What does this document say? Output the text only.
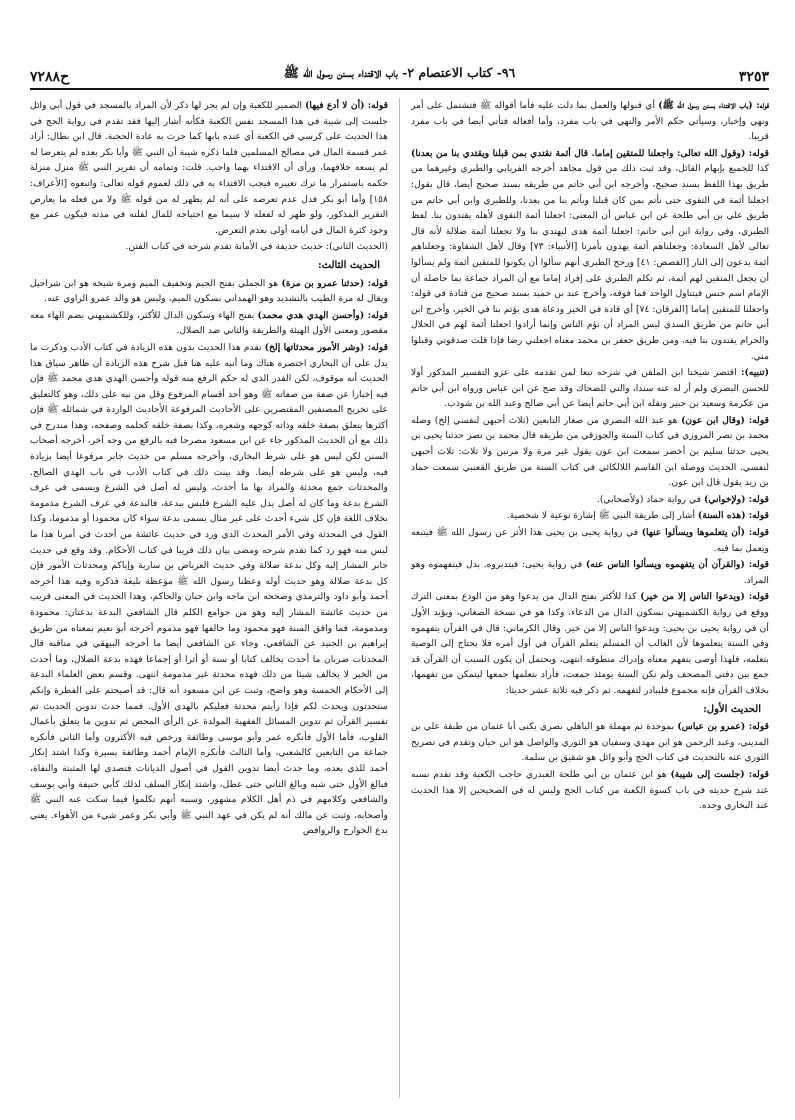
ح٧٢٨٨	٩٦- كتاب الاعتصام ٢- باب الاقتداء بسنن رسول الله ﷺ	٣٢٥٣

قوله: (باب الاقتداء بسنن رسول الله ﷺ) أي قبولها والعمل بما دلت عليه فأما أقواله ﷺ فتشتمل على أمر ونهي وإخبار، وسيأتي حكم الأمر والنهي في باب مفرد، وأما أفعاله فتأتي أيضا في باب مفرد قريبا.

قوله: (وقول الله تعالى: واجعلنا للمتقين إماما. قال أئمة نقتدي بمن قبلنا ويقتدي بنا من بعدنا) كذا للجميع بإبهام القائل، وقد ثبت ذلك من قول مجاهد أخرجه الفريابي والطبري وغيرهما من طريق بهذا اللفظ بسند صحيح، وأخرجه ابن أبي حاتم من طريقه بسند صحيح أيضا، قال يقول: اجعلنا أئمة في التقوى حتى نأتم بمن كان قبلنا ويأتم بنا من بعدنا، وللطبري وابن أبي حاتم من طريق علي بن أبي طلحة عن ابن عباس أن المعنى: اجعلنا أئمة التقوى لأهله يقتدون بنا. لفظ الطبري، وفي رواية ابن أبي حاتم: اجعلنا أئمة هدى ليهتدي بنا ولا تجعلنا أئمة ضلالة لأنه قال تعالى لأهل السعادة: وجعلناهم أئمة يهدون بأمرنا [الأنبياء: ٧٣] وقال لأهل الشقاوة: وجعلناهم أئمة يدعون إلى النار [القصص: ٤١] ورجح الطبري أنهم سألوا أن يكونوا للمتقين أئمة ولم يسألوا أن يجعل المتقين لهم أئمة، ثم تكلم الطبري على إفراد إماما مع أن المراد جماعة بما حاصله أن الإمام اسم جنس فيتناول الواحد فما فوقه، وأخرج عبد بن حميد بسند صحيح من قتادة في قوله: واجعلنا للمتقين إماما [الفرقان: ٧٤] أي قادة في الخير ودعاة هدى يؤتم بنا في الخير، وأخرج ابن أبي حاتم من طريق السدي ليس المراد أن نؤم الناس وإنما أرادوا اجعلنا أئمة لهم في الحلال والحرام يقتدون بنا فيه، ومن طريق جعفر بن محمد معناه اجعلني رضا فإذا قلت صدقوني وقبلوا مني.

(تنبيه): اقتصر شيخنا ابن الملقن في شرحه تبعا لمن تقدمه على عزو التفسير المذكور أولا للحسن البصري ولم أر له عنه سندا، والتي للضحاك وقد صح عن ابن عباس ورواه ابن أبي حاتم من عكرمة وسعيد بن جبير ونقله ابن أبي حاتم أيضا عن أبي صالح وعبد الله بن شوذب.

قوله: (وقال ابن عون) هو عبد الله البصري من صغار التابعين (ثلاث أحبهن لنفسي إلخ) وصله محمد بن نصر المروزي في كتاب السنة والجوزقي من طريقه قال محمد بن نصر حدثنا يحيى بن يحيى حدثنا سليم بن أخضر سمعت ابن عون يقول غير مرة ولا مرتين ولا ثلاث: ثلاث أحبهن لنفسي. الحديث ووصله ابن القاسم اللالكائي في كتاب السنة من طريق القعنبي سمعت حماد بن زيد يقول قال ابن عون.

قوله: (ولإخواني) في رواية حماد (ولأصحابي).

قوله: (هذه السنة) أشار إلى طريقة النبي ﷺ إشارة نوعية لا شخصية.

قوله: (أن يتعلموها ويسألوا عنها) في رواية يحيى بن يحيى هذا الأثر عن رسول الله ﷺ فيتبعه ويعمل بما فيه.

قوله: (والقرآن أن يتفهموه ويسألوا الناس عنه) في رواية يحيى: فيتدبروه. بدل فيتفهموه وهو المراد.

قوله: (ويدعوا الناس إلا من خير) كذا للأكثر بفتح الدال من يدعوا وهو من الودع بمعنى الترك ووقع في رواية الكشميهني بسكون الدال من الدعاء، وكذا هو في نسخة الصغاني، ويؤيد الأول أن في رواية يحيى بن يحيى: ويدعوا الناس إلا من خير. وقال الكرماني: قال في القرآن يتفهموه وفي السنة يتعلموها لأن الغالب أن المسلم يتعلم القرآن في أول أمره فلا يحتاج إلى الوصية بتعلمه، فلهذا أوصى بتفهم معناه وإدراك منطوقه انتهى، ويحتمل أن يكون السبب أن القرآن قد جمع بين دفتي المصحف ولم تكن السنة يومئذ جمعت، فأراد بتعلمها جمعها ليتمكن من تفهمها، بخلاف القرآن فإنه مجموع فليبادر لتفهمه. ثم ذكر فيه ثلاثة عشر حديثا:

الحديث الأول:

قوله: (عمرو بن عباس) بموحدة ثم مهملة هو الباهلي بصري يكنى أبا عثمان من طبقة علي بن المديني، وعبد الرحمن هو ابن مهدي وسفيان هو الثوري والواصل هو ابن حيان وتقدم في تصريح الثوري عنه بالتحديث في كتاب الحج وأبو وائل هو شقيق بن سلمة.

قوله: (جلست إلى شيبة) هو ابن عثمان بن أبي طلحة العبدري حاجب الكعبة وقد تقدم نسبه عند شرح حديثه في باب كسوة الكعبة من كتاب الحج وليس له في الصحيحين إلا هذا الحديث عند البخاري وحده.

قوله: (أن لا أدع فيها) الضمير للكعبة وإن لم يجر لها ذكر لأن المراد بالمسجد في قول أبي وائل جلست إلى شيبة في هذا المسجد نفس الكعبة فكأنه أشار إليها فقد تقدم في رواية الحج في هذا الحديث على كرسي في الكعبة أي عنده بابها كما جرت به عادة الحجبة. قال ابن بطال: أراد عمر قسمة المال في مصالح المسلمين فلما ذكره شيبة أن النبي ﷺ وأبا بكر بعده لم يتعرضا له لم يسعه خلافهما، ورأى أن الاقتداء بهما واجب. قلت: وتمامه أن تقرير النبي ﷺ منزل منزلة حكمه باستمرار ما ترك تغييره فيجب الاقتداء به في ذلك لعموم قوله تعالى: واتبعوه [الأعراف: ١٥٨] وأما أبو بكر فدل عدم تعرضه على أنه لم يظهر له من قوله ﷺ ولا من فعله ما يعارض التقرير المذكور، ولو ظهر له لفعله لا سيما مع احتياجه للمال لقلته في مدته فيكون عمر مع وجود كثرة المال في أيامه أولى بعدم التعرض.

(الحديث الثاني): حديث حذيفة في الأمانة تقدم شرحه في كتاب الفتن.

الحديث الثالث:

قوله: (حدثنا عمرو بن مرة) هو الجملي بفتح الجيم وتخفيف الميم ومرة شيخه هو ابن شراحيل ويقال له مرة الطيب بالتشديد وهو الهمداني بسكون الميم، وليس هو والد عمرو الراوي عنه.

قوله: (وأحسن الهدي هدي محمد) بفتح الهاء وسكون الدال للأكثر، وللكشميهني بضم الهاء معه مقصور ومعنى الأول الهيئة والطريقة والثاني ضد الضلال.

قوله: (وشر الأمور محدثاتها إلخ) تقدم هذا الحديث بدون هذه الزيادة في كتاب الأدب وذكرت ما يدل على أن البخاري اختصره هناك وما أنبه عليه هنا قبل شرح هذه الزيادة أن ظاهر سياق هذا الحديث أنه موقوف، لكن القدر الذي له حكم الرفع منه قوله وأحسن الهدي هدي محمد ﷺ فإن فيه إخبارا عن صفة من صفاته ﷺ وهو أحد أقسام المرفوع وقل من نبه على ذلك، وهو كالتعليق على تخريج المصنفين المقتصرين على الأحاديث المرفوعة الأحاديث الواردة في شمائله ﷺ فإن أكثرها يتعلق بصفة خلقه وذاته كوجهه وشعره، وكذا بصفة خلقه كحلمه وصفحه، وهذا مندرج في ذلك مع أن الحديث المذكور جاء عن ابن مسعود مصرحا فيه بالرفع من وجه آخر، أخرجه أصحاب السنن لكن ليس هو على شرط البخاري، وأخرجه مسلم من حديث جابر مرفوعا أيضا بزيادة فيه، وليس هو على شرطه أيضا. وقد بينت ذلك في كتاب الأدب في باب الهدي الصالح. والمحدثات جمع محدثة والمراد بها ما أحدث، وليس له أصل في الشرع ويسمى في عرف الشرع بدعة وما كان له أصل يدل عليه الشرع فليس ببدعة، فالبدعة في عرف الشرع مذمومة بخلاف اللغة فإن كل شيء أحدث على غير مثال يسمى بدعة سواء كان محمودا أو مذموما، وكذا القول في المحدثة وفي الأمر المحدث الذي ورد في حديث عائشة من أحدث في أمرنا هذا ما ليس منه فهو رد كما تقدم شرحه ومضى بيان ذلك قريبا في كتاب الأحكام. وقد وقع في حديث جابر المشار إليه وكل بدعة ضلالة وفي حديث العرباض بن سارية وإياكم ومحدثات الأمور فإن كل بدعة ضلالة وهو حديث أوله وعظنا رسول الله ﷺ موعظة بليغة فذكره وفيه هذا أخرجه أحمد وأبو داود والترمذي وصححه ابن ماجه وابن حبان والحاكم، وهذا الحديث في المعنى قريب من حديث عائشة المشار إليه وهو من جوامع الكلم قال الشافعي البدعة بدعتان: محمودة ومذمومة، فما وافق السنة فهو محمود وما خالفها فهو مذموم أخرجه أبو نعيم بمعناه من طريق إبراهيم بن الجنيد عن الشافعي، وجاء عن الشافعي أيضا ما أخرجه البيهقي في مناقبه قال المحدثات ضربان ما أحدث يخالف كتابا أو سنة أو أثرا أو إجماعا فهذه بدعة الضلال، وما أحدث من الخير لا يخالف شيئا من ذلك فهذه محدثة غير مذمومة انتهى. وقسم بعض العلماء البدعة إلى الأحكام الخمسة وهو واضح، وثبت عن ابن مسعود أنه قال: قد أصبحتم على الفطرة وإنكم ستحدثون ويحدث لكم فإذا رأيتم محدثة فعليكم بالهدي الأول. فمما حدث تدوين الحديث ثم تفسير القرآن ثم تدوين المسائل الفقهية المولدة عن الرأي المحض ثم تدوين ما يتعلق بأعمال القلوب، فأما الأول فأنكره عمر وأبو موسى وطائفة ورخص فيه الأكثرون وأما الثاني فأنكره جماعة من التابعين كالشعبي، وأما الثالث فأنكره الإمام أحمد وطائفة يسيرة وكذا اشتد إنكار أحمد للذي بعده، وما حدث أيضا تدوين القول في أصول الديانات فتصدى لها المثبتة والنفاة، فبالغ الأول حتى شبه وبالغ الثاني حتى عطل، واشتد إنكار السلف لذلك كأبي حنيفة وأبي يوسف والشافعي وكلامهم في ذم أهل الكلام مشهور، وسببه أنهم تكلموا فيما سكت عنه النبي ﷺ وأصحابه، وثبت عن مالك أنه لم يكن في عهد النبي ﷺ وأبي بكر وعمر شيء من الأهواء. يعني بدع الخوارج والروافض
